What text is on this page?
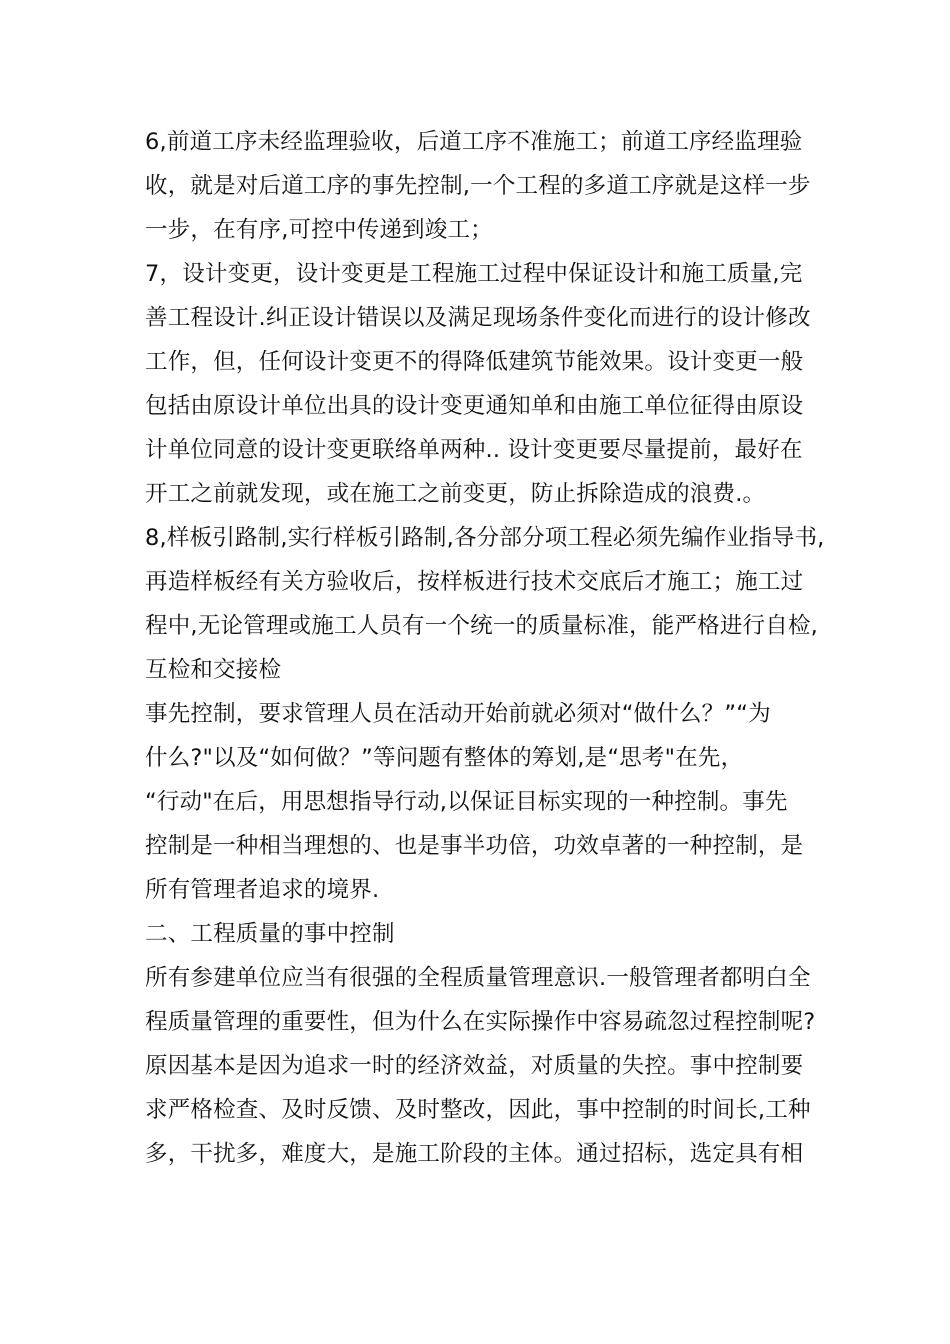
6,前道工序未经监理验收，后道工序不准施工；前道工序经监理验
收，就是对后道工序的事先控制,一个工程的多道工序就是这样一步
一步，在有序,可控中传递到竣工；
7，设计变更，设计变更是工程施工过程中保证设计和施工质量,完
善工程设计.纠正设计错误以及满足现场条件变化而进行的设计修改
工作，但，任何设计变更不的得降低建筑节能效果。设计变更一般
包括由原设计单位出具的设计变更通知单和由施工单位征得由原设
计单位同意的设计变更联络单两种.. 设计变更要尽量提前，最好在
开工之前就发现，或在施工之前变更，防止拆除造成的浪费.。
8,样板引路制,实行样板引路制,各分部分项工程必须先编作业指导书,
再造样板经有关方验收后，按样板进行技术交底后才施工；施工过
程中,无论管理或施工人员有一个统一的质量标准，能严格进行自检,
互检和交接检
事先控制，要求管理人员在活动开始前就必须对“做什么？”“为
什么?"以及“如何做？”等问题有整体的筹划,是“思考"在先，
“行动"在后，用思想指导行动,以保证目标实现的一种控制。事先
控制是一种相当理想的、也是事半功倍，功效卓著的一种控制，是
所有管理者追求的境界.
二、工程质量的事中控制
所有参建单位应当有很强的全程质量管理意识.一般管理者都明白全
程质量管理的重要性，但为什么在实际操作中容易疏忽过程控制呢?
原因基本是因为追求一时的经济效益，对质量的失控。事中控制要
求严格检查、及时反馈、及时整改，因此，事中控制的时间长,工种
多，干扰多，难度大，是施工阶段的主体。通过招标，选定具有相
